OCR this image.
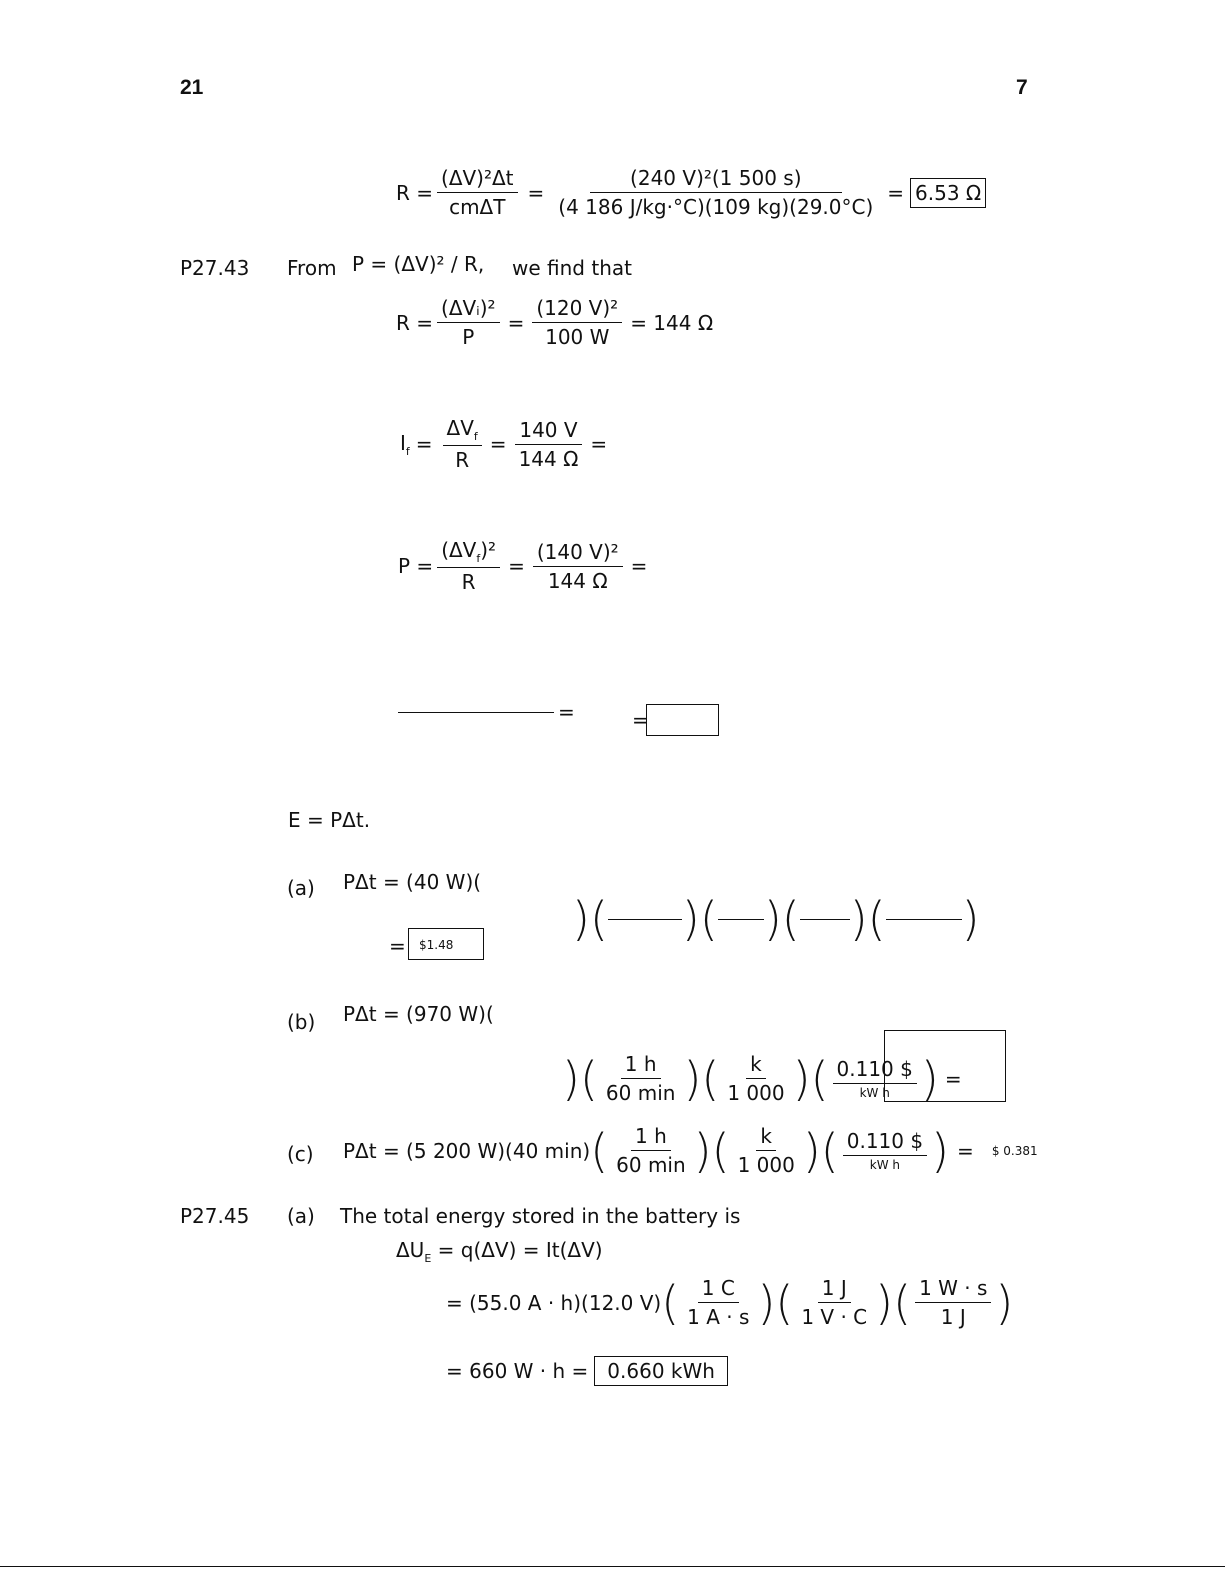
21	7
$R = \frac{\text{(ΔV)²Δt}}{\text{cmΔT}} = \frac{\text{(240 V)²(1 500 s)}}{(4 186 J/kg\cdot^\circ C)(109 kg)(29.0^\circ C)} = 6.53$ Ω
P27.43 From P = (ΔV)² / R, we find that
$R = \frac{\text{(ΔVᵢ)²}}{P} = \frac{\text{(120 V)²}}{100 W} = 144$ Ω
$I_f = \frac{\Delta V_f}{R} = \frac{140 V}{144 \Omega}$ =
$P = \frac{(\Delta V_f)^2}{R} = \frac{\text{(140 V)²}}{144 \Omega}$ =
=	=
E = PΔt.
(a) PΔt = (40 W)(
=	$1.48	) ( ) ( ) ( ) ( )
(b) PΔt = (970 W)(
) ( $\frac{1 h}{60 \min}$ ) ( $\frac{k}{1 000}$ ) ( $\frac{0.110 \$}{\text{kW h}}$ ) =
(c) PΔt = (5 200 W)(40 min) ( $\frac{1 h}{60 \min}$ ) ( $\frac{k}{1 000}$ ) ( $\frac{0.110 \$}{\text{kW h}}$ ) = $ 0.381
P27.45 (a) The total energy stored in the battery is
$\Delta U_E = q(\Delta V) = It(\Delta V)$
= (55.0 A · h)(12.0 V) ( $\frac{1 C}{1 A \cdot s}$ ) ( $\frac{1 J}{1 V \cdot C}$ ) ( $\frac{1 W \cdot s}{1 J}$ )
= 660 W · h = 0.660 kWh
